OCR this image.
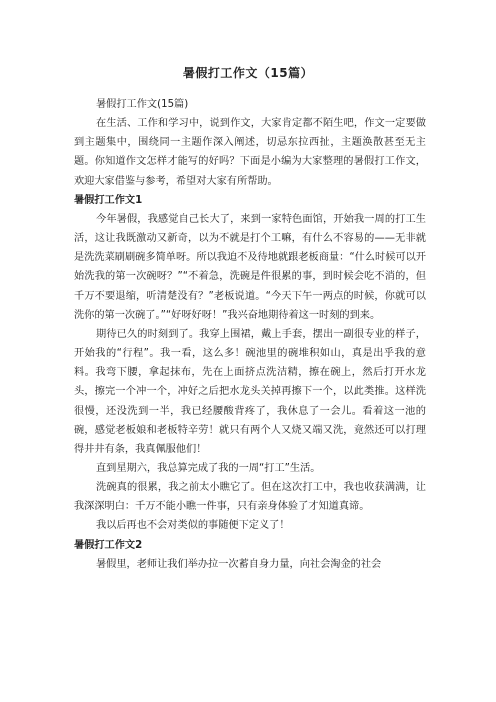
暑假打工作文（15篇）

暑假打工作文(15篇)

在生活、工作和学习中，说到作文，大家肯定都不陌生吧，作文一定要做到主题集中，围绕同一主题作深入阐述，切忌东拉西扯，主题涣散甚至无主题。你知道作文怎样才能写的好吗？下面是小编为大家整理的暑假打工作文，欢迎大家借鉴与参考，希望对大家有所帮助。

暑假打工作文1

今年暑假，我感觉自己长大了，来到一家特色面馆，开始我一周的打工生活，这让我既激动又新奇，以为不就是打个工嘛，有什么不容易的——无非就是洗洗菜刷刷碗多简单呀。所以我迫不及待地就跟老板商量：“什么时候可以开始洗我的第一次碗呀？”“不着急，洗碗是件很累的事，到时候会吃不消的，但千万不要退缩，听清楚没有？”老板说道。“今天下午一两点的时候，你就可以洗你的第一次碗了。”“好呀好呀！”我兴奋地期待着这一时刻的到来。

期待已久的时刻到了。我穿上围裙，戴上手套，摆出一副很专业的样子，开始我的“行程”。我一看，这么多！碗池里的碗堆积如山，真是出乎我的意料。我弯下腰，拿起抹布，先在上面挤点洗洁精，擦在碗上，然后打开水龙头，擦完一个冲一个，冲好之后把水龙头关掉再擦下一个，以此类推。这样洗很慢，还没洗到一半，我已经腰酸背疼了，我休息了一会儿。看着这一池的碗，感觉老板娘和老板特辛劳！就只有两个人又烧又端又洗，竟然还可以打理得井井有条，我真佩服他们！

直到星期六，我总算完成了我的一周“打工”生活。

洗碗真的很累，我之前太小瞧它了。但在这次打工中，我也收获满满，让我深深明白：千万不能小瞧一件事，只有亲身体验了才知道真谛。

我以后再也不会对类似的事随便下定义了！

暑假打工作文2

暑假里，老师让我们举办拉一次蓄自身力量，向社会淘金的社会
